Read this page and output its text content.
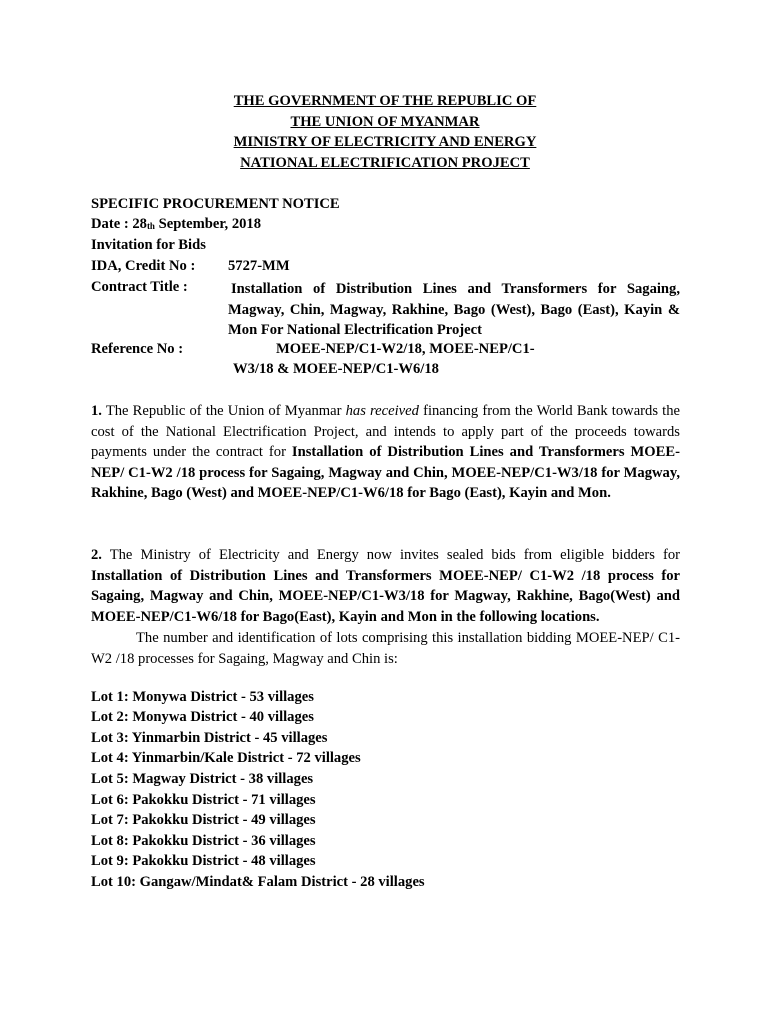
THE GOVERNMENT OF THE REPUBLIC OF
THE UNION OF MYANMAR
MINISTRY OF ELECTRICITY AND ENERGY
NATIONAL ELECTRIFICATION PROJECT
SPECIFIC PROCUREMENT NOTICE
Date : 28th September, 2018
Invitation for Bids
IDA, Credit No : 5727-MM
Contract Title :	Installation of Distribution Lines and Transformers for Sagaing, Magway, Chin, Magway, Rakhine, Bago (West), Bago (East), Kayin & Mon For National Electrification Project

Reference No :	MOEE-NEP/C1-W2/18, MOEE-NEP/C1-
W3/18 & MOEE-NEP/C1-W6/18

1. The Republic of the Union of Myanmar has received financing from the World Bank towards the cost of the National Electrification Project, and intends to apply part of the proceeds towards payments under the contract for Installation of Distribution Lines and Transformers MOEE-NEP/ C1-W2 /18 process for Sagaing, Magway and Chin, MOEE-NEP/C1-W3/18 for Magway, Rakhine, Bago (West) and MOEE-NEP/C1-W6/18 for Bago (East), Kayin and Mon.

2. The Ministry of Electricity and Energy now invites sealed bids from eligible bidders for Installation of Distribution Lines and Transformers MOEE-NEP/ C1-W2 /18 process for Sagaing, Magway and Chin, MOEE-NEP/C1-W3/18 for Magway, Rakhine, Bago(West) and MOEE-NEP/C1-W6/18 for Bago(East), Kayin and Mon in the following locations.

The number and identification of lots comprising this installation bidding MOEE-NEP/ C1-W2 /18 processes for Sagaing, Magway and Chin is:

Lot 1: Monywa District - 53 villages
Lot 2: Monywa District - 40 villages
Lot 3: Yinmarbin District - 45 villages
Lot 4: Yinmarbin/Kale District - 72 villages
Lot 5: Magway District - 38 villages
Lot 6: Pakokku District - 71 villages
Lot 7: Pakokku District - 49 villages
Lot 8: Pakokku District - 36 villages
Lot 9: Pakokku District - 48 villages
Lot 10: Gangaw/Mindat& Falam District - 28 villages
